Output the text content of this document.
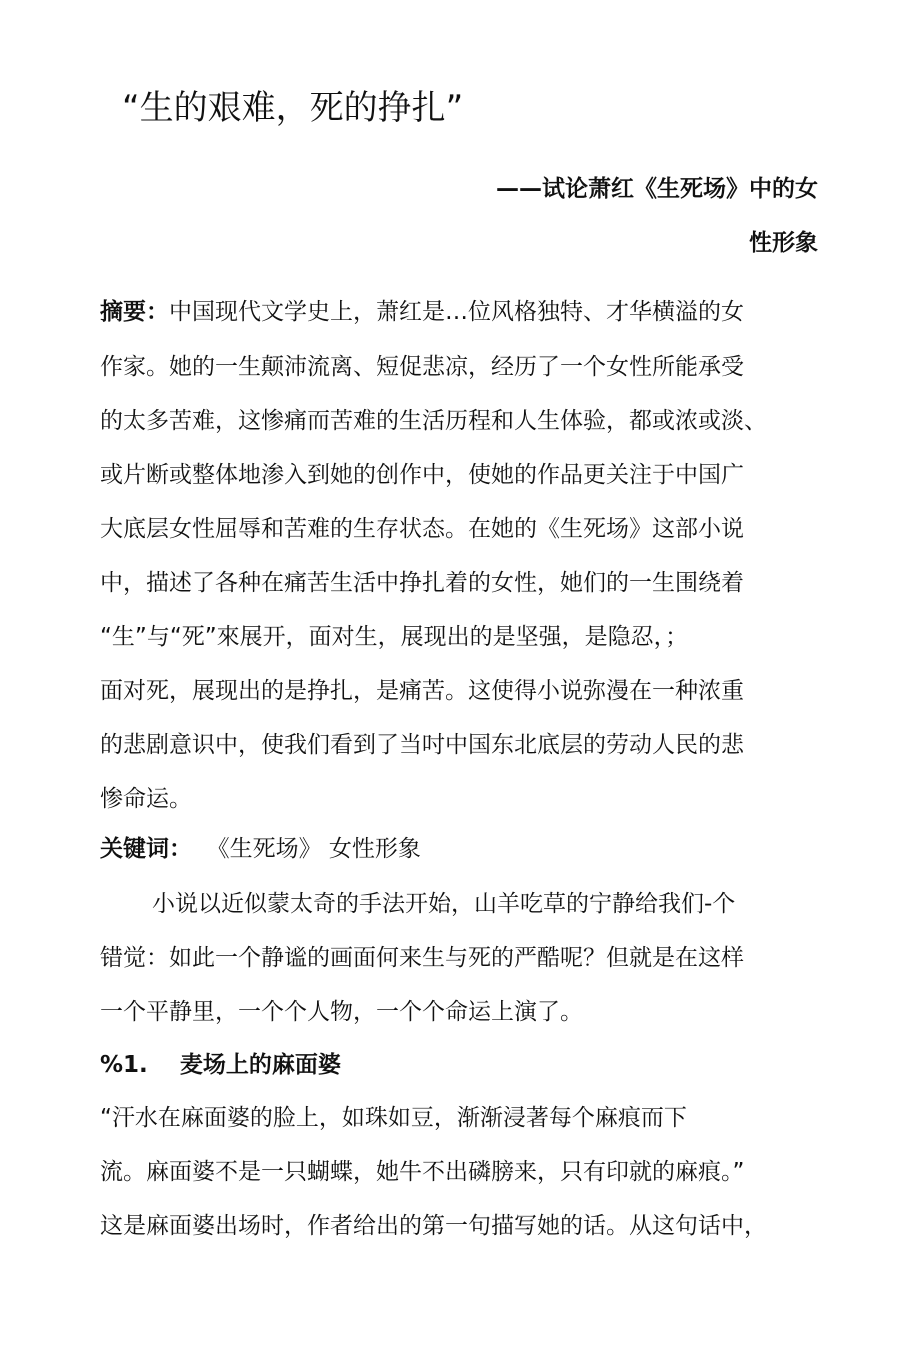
“生的艰难，死的挣扎”
——试论萧红《生死场》中的女
性形象
摘要：中国现代文学史上，萧红是…位风格独特、才华横溢的女
作家。她的一生颠沛流离、短促悲凉，经历了一个女性所能承受
的太多苦难，这惨痛而苦难的生活历程和人生体验，都或浓或淡、
或片断或整体地渗入到她的创作中，使她的作品更关注于中国广
大底层女性屈辱和苦难的生存状态。在她的《生死场》这部小说
中，描述了各种在痛苦生活中挣扎着的女性，她们的一生围绕着
“生”与“死”來展开，面对生，展现出的是坚强，是隐忍，；
面对死，展现出的是挣扎，是痛苦。这使得小说弥漫在一种浓重
的悲剧意识中，使我们看到了当吋中国东北底层的劳动人民的悲
惨命运。
关键词： 《生死场》 女性形象
小说以近似蒙太奇的手法开始，山羊吃草的宁静给我们-个
错觉：如此一个静谧的画面何来生与死的严酷呢？但就是在这样
一个平静里，一个个人物，一个个命运上演了。
%1. 麦场上的麻面婆
“汗水在麻面婆的脸上，如珠如豆，渐渐浸著每个麻痕而下
流。麻面婆不是一只蝴蝶，她牛不出磷膀来，只有印就的麻痕。”
这是麻面婆出场时，作者给出的第一句描写她的话。从这句话中，
